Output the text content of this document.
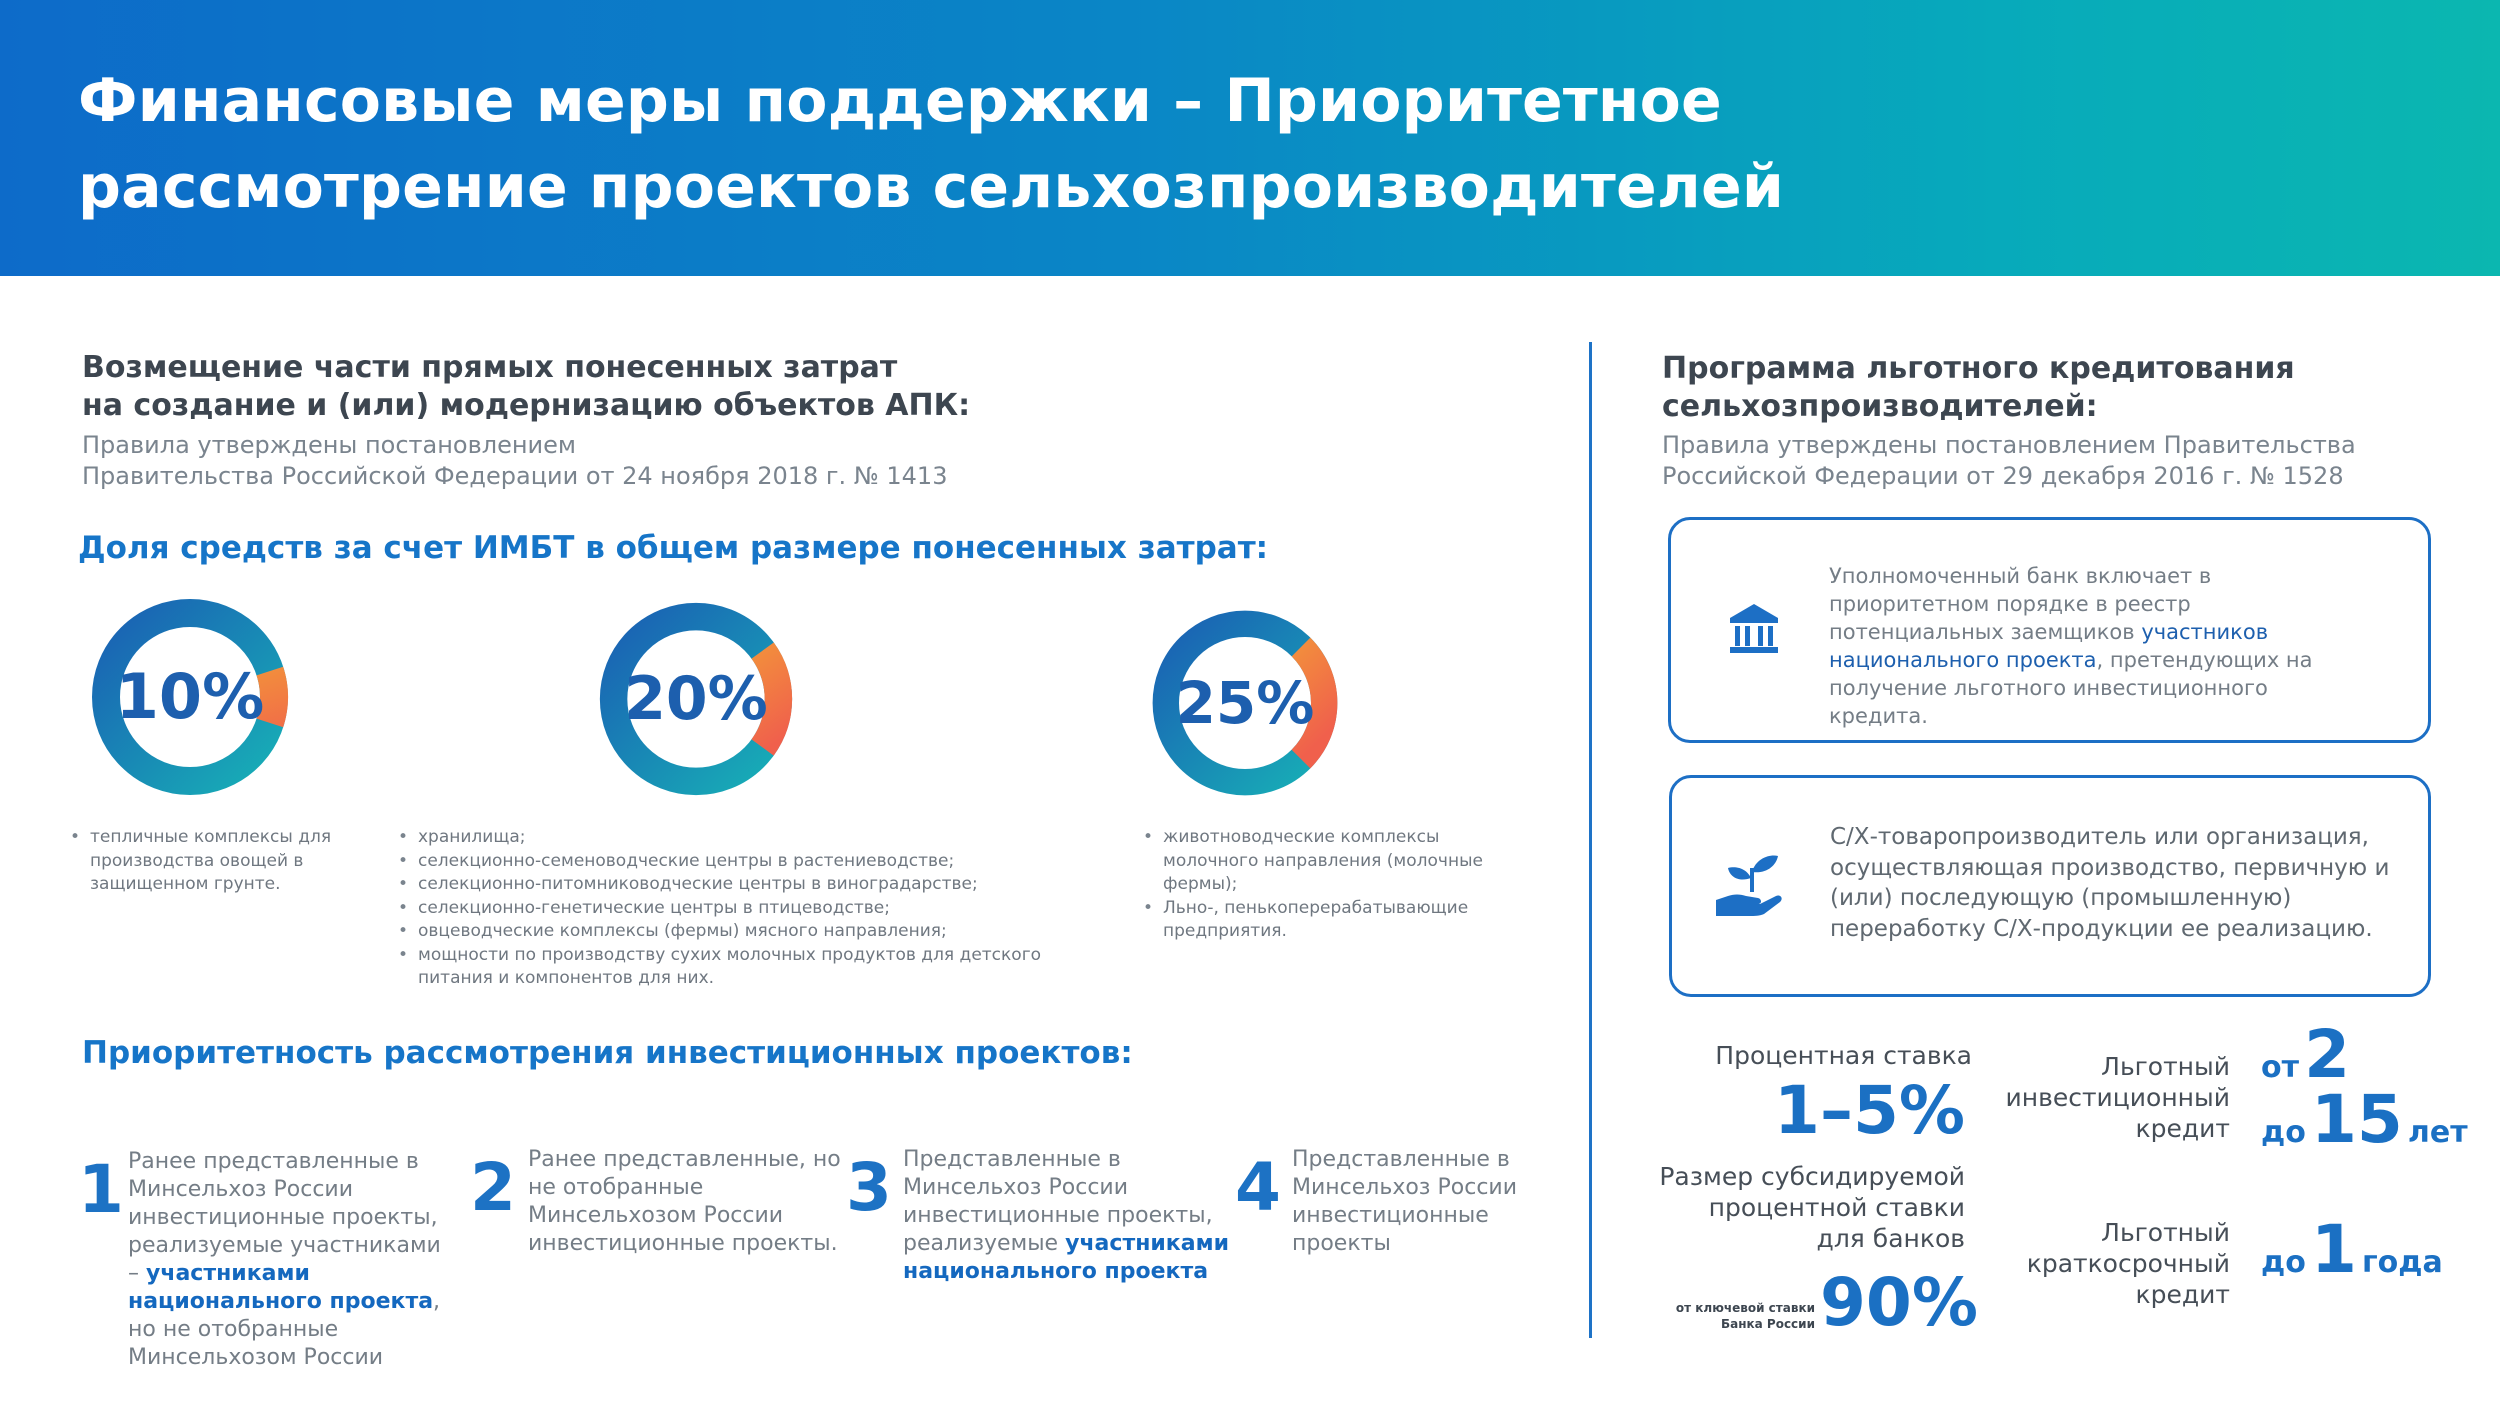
Финансовые меры поддержки – Приоритетное
рассмотрение проектов сельхозпроизводителей
Возмещение части прямых понесенных затрат
на создание и (или) модернизацию объектов АПК:
Правила утверждены постановлением
Правительства Российской Федерации от 24 ноября 2018 г. № 1413
Доля средств за счет ИМБТ в общем размере понесенных затрат:
10%	20%	25%
• тепличные комплексы для производства овощей в защищенном грунте.
• хранилища;
• селекционно-семеноводческие центры в растениеводстве;
• селекционно-питомниководческие центры в виноградарстве;
• селекционно-генетические центры в птицеводстве;
• овцеводческие комплексы (фермы) мясного направления;
• мощности по производству сухих молочных продуктов для детского питания и компонентов для них.
• животноводческие комплексы молочного направления (молочные фермы);
• Льно-, пенькоперерабатывающие предприятия.
Приоритетность рассмотрения инвестиционных проектов:
1 Ранее представленные в Минсельхоз России инвестиционные проекты, реализуемые участниками – участниками национального проекта, но не отобранные Минсельхозом России
2 Ранее представленные, но не отобранные Минсельхозом России инвестиционные проекты.
3 Представленные в Минсельхоз России инвестиционные проекты, реализуемые участниками национального проекта
4 Представленные в Минсельхоз России инвестиционные проекты
Программа льготного кредитования
сельхозпроизводителей:
Правила утверждены постановлением Правительства
Российской Федерации от 29 декабря 2016 г. № 1528
Уполномоченный банк включает в приоритетном порядке в реестр потенциальных заемщиков участников национального проекта, претендующих на получение льготного инвестиционного кредита.
С/Х-товаропроизводитель или организация, осуществляющая производство, первичную и (или) последующую (промышленную) переработку С/Х-продукции ее реализацию.
Процентная ставка
1–5%
Размер субсидируемой
процентной ставки
для банков
от ключевой ставки
Банка России 90%
Льготный
инвестиционный
кредит
от 2
до 15 лет
Льготный
краткосрочный
кредит
до 1 года
